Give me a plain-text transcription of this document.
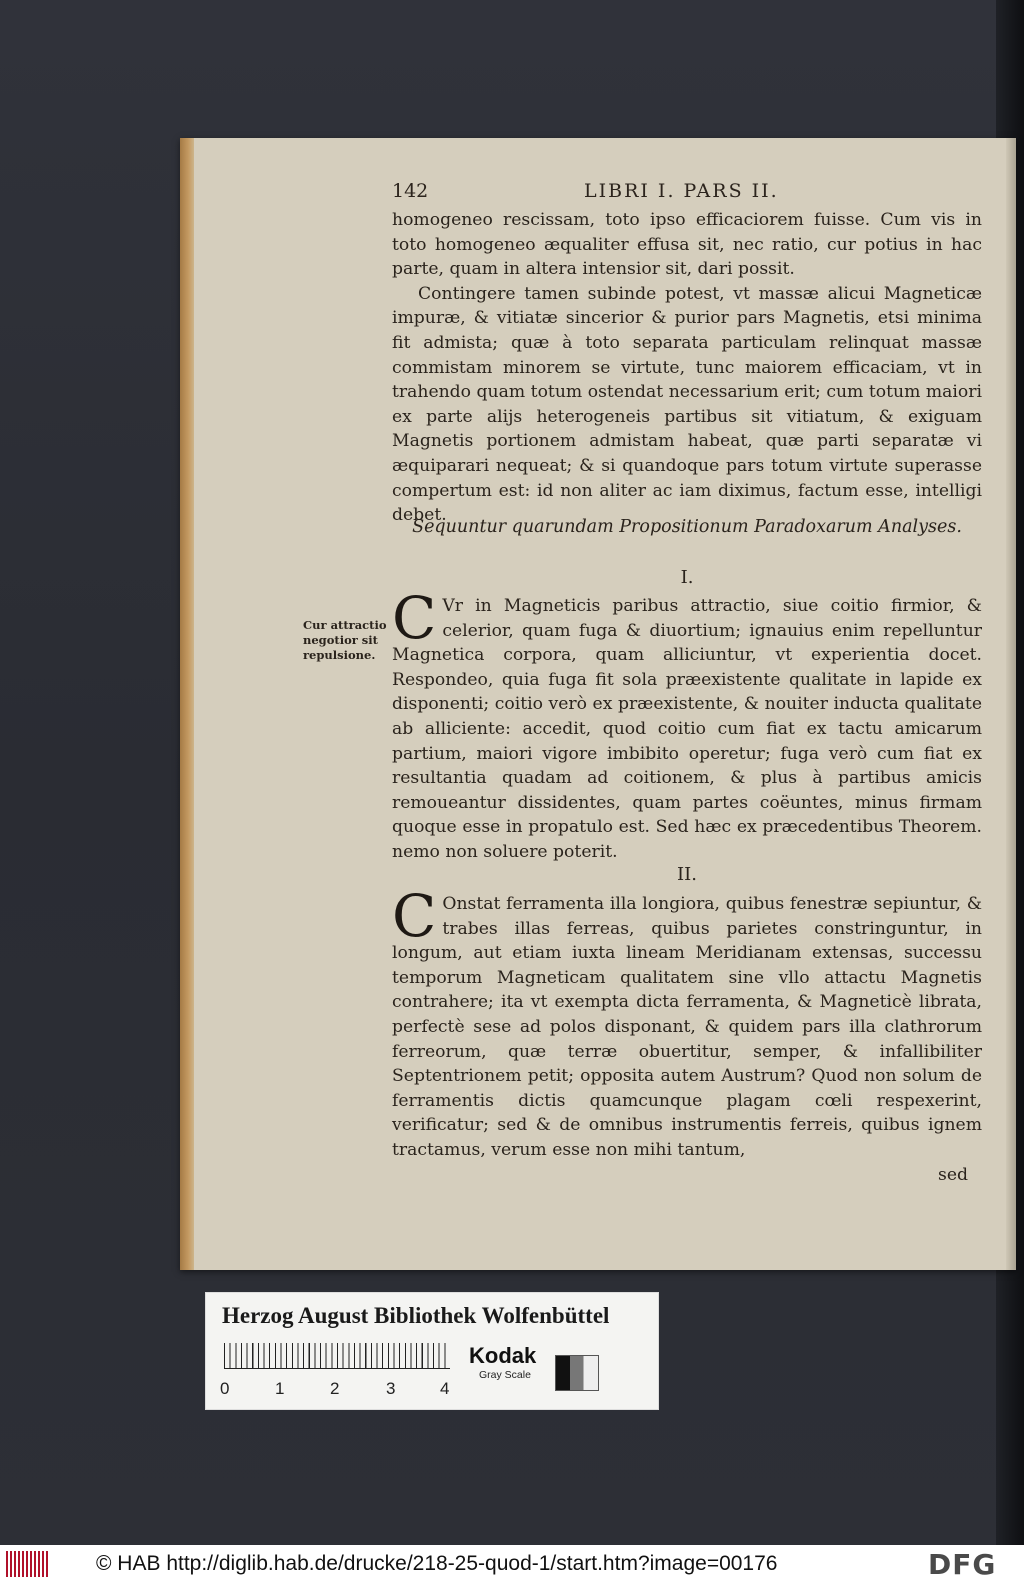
142	LIBRI I. PARS II.

homogeneo rescissam, toto ipso efficaciorem fuisse. Cum vis in toto homogeneo æqualiter effusa sit, nec ratio, cur potius in hac parte, quam in altera intensior sit, dari possit.

Contingere tamen subinde potest, vt massæ alicui Magneticæ impuræ, & vitiatæ sincerior & purior pars Magnetis, etsi minima fit admista; quæ à toto separata particulam relinquat massæ commistam minorem se virtute, tunc maiorem efficaciam, vt in trahendo quam totum ostendat necessarium erit; cum totum maiori ex parte alijs heterogeneis partibus sit vitiatum, & exiguam Magnetis portionem admistam habeat, quæ parti separatæ vi æquiparari nequeat; & si quandoque pars totum virtute superasse compertum est: id non aliter ac iam diximus, factum esse, intelligi debet.

Sequuntur quarundam Propositionum Paradoxarum Analyses.
I.
Cur attractio negotior sit repulsione.

C Vr in Magneticis paribus attractio, siue coitio firmior, & celerior, quam fuga & diuortium; ignauius enim repelluntur Magnetica corpora, quam alliciuntur, vt experientia docet. Respondeo, quia fuga fit sola præexistente qualitate in lapide ex disponenti; coitio verò ex præexistente, & nouiter inducta qualitate ab alliciente: accedit, quod coitio cum fiat ex tactu amicarum partium, maiori vigore imbibito operetur; fuga verò cum fiat ex resultantia quadam ad coitionem, & plus à partibus amicis remoueantur dissidentes, quam partes coëuntes, minus firmam quoque esse in propatulo est. Sed hæc ex præcedentibus Theorem. nemo non soluere poterit.

II.

C Onstat ferramenta illa longiora, quibus fenestræ sepiuntur, & trabes illas ferreas, quibus parietes constringuntur, in longum, aut etiam iuxta lineam Meridianam extensas, successu temporum Magneticam qualitatem sine vllo attactu Magnetis contrahere; ita vt exempta dicta ferramenta, & Magneticè librata, perfectè sese ad polos disponant, & quidem pars illa clathrorum ferreorum, quæ terræ obuertitur, semper, & infallibiliter Septentrionem petit; opposita autem Austrum? Quod non solum de ferramentis dictis quamcunque plagam cœli respexerint, verificatur; sed & de omnibus instrumentis ferreis, quibus ignem tractamus, verum esse non mihi tantum,

sed

Herzog August Bibliothek Wolfenbüttel
0	1	2	3	4
Kodak
Gray Scale
© HAB http://diglib.hab.de/drucke/218-25-quod-1/start.htm?image=00176	DFG
